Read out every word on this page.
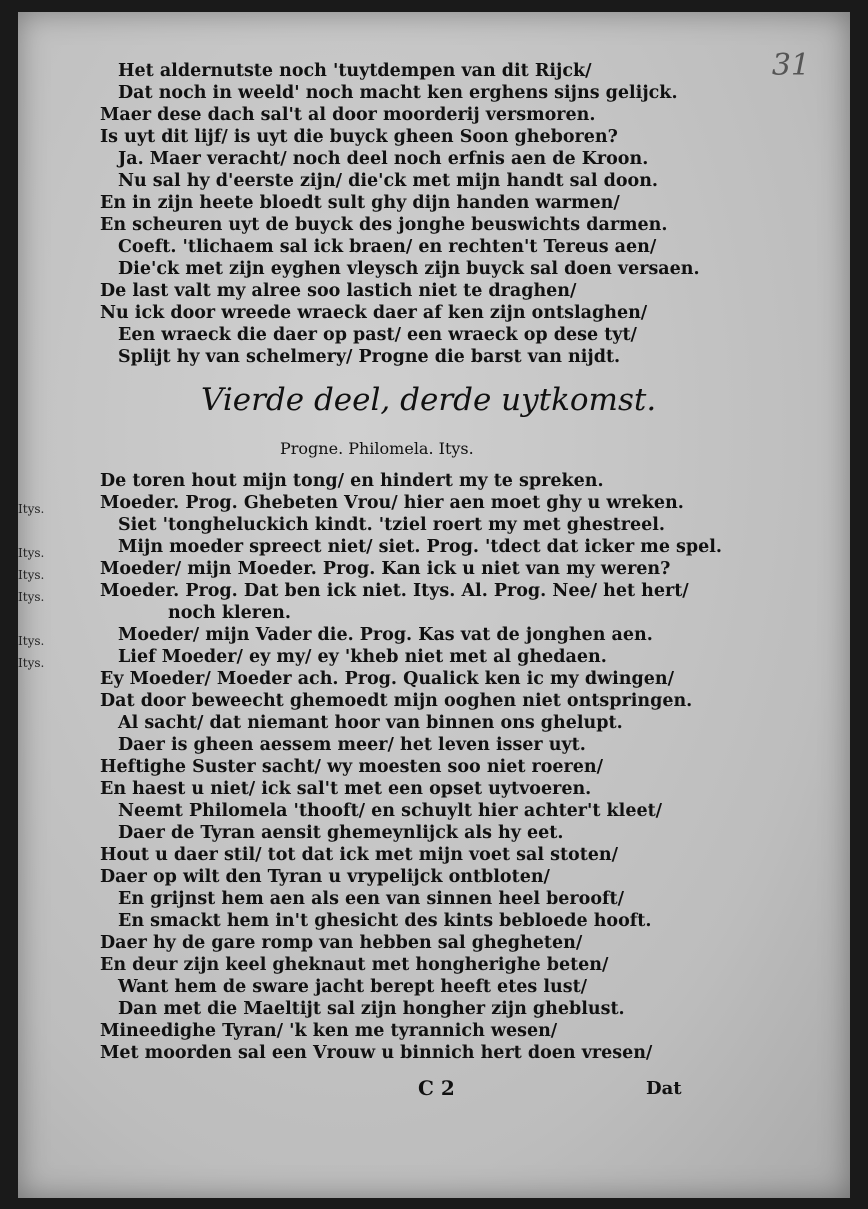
31
Het aldernutste noch 'tuytdempen van dit Rijck/
Dat noch in weeld' noch macht ken erghens sijns gelijck.
Maer dese dach sal't al door moorderij versmoren.
Is uyt dit lijf/ is uyt die buyck gheen Soon gheboren?
Ja. Maer veracht/ noch deel noch erfnis aen de Kroon.
Nu sal hy d'eerste zijn/ die'ck met mijn handt sal doon.
En in zijn heete bloedt sult ghy dijn handen warmen/
En scheuren uyt de buyck des jonghe beuswichts darmen.
Coeft. 'tlichaem sal ick braen/ en rechten't Tereus aen/
Die'ck met zijn eyghen vleysch zijn buyck sal doen versaen.
De last valt my alree soo lastich niet te draghen/
Nu ick door wreede wraeck daer af ken zijn ontslaghen/
Een wraeck die daer op past/ een wraeck op dese tyt/
Splijt hy van schelmery/ Progne die barst van nijdt.
Vierde deel, derde uytkomst.
Progne. Philomela. Itys.
Itys.
Itys.
Itys.
Itys.
Itys.
Itys.
De toren hout mijn tong/ en hindert my te spreken.
Moeder. Prog. Ghebeten Vrou/ hier aen moet ghy u wreken.
Siet 'tongheluckich kindt. 'tziel roert my met ghestreel.
Mijn moeder spreect niet/ siet. Prog. 'tdect dat icker me spel.
Moeder/ mijn Moeder. Prog. Kan ick u niet van my weren?
Moeder. Prog. Dat ben ick niet. Itys. Al. Prog. Nee/ het hert/
noch kleren.
Moeder/ mijn Vader die. Prog. Kas vat de jonghen aen.
Lief Moeder/ ey my/ ey 'kheb niet met al ghedaen.
Ey Moeder/ Moeder ach. Prog. Qualick ken ic my dwingen/
Dat door beweecht ghemoedt mijn ooghen niet ontspringen.
Al sacht/ dat niemant hoor van binnen ons ghelupt.
Daer is gheen aessem meer/ het leven isser uyt.
Heftighe Suster sacht/ wy moesten soo niet roeren/
En haest u niet/ ick sal't met een opset uytvoeren.
Neemt Philomela 'thooft/ en schuylt hier achter't kleet/
Daer de Tyran aensit ghemeynlijck als hy eet.
Hout u daer stil/ tot dat ick met mijn voet sal stoten/
Daer op wilt den Tyran u vrypelijck ontbloten/
En grijnst hem aen als een van sinnen heel berooft/
En smackt hem in't ghesicht des kints bebloede hooft.
Daer hy de gare romp van hebben sal ghegheten/
En deur zijn keel gheknaut met hongherighe beten/
Want hem de sware jacht berept heeft etes lust/
Dan met die Maeltijt sal zijn hongher zijn gheblust.
Mineedighe Tyran/ 'k ken me tyrannich wesen/
Met moorden sal een Vrouw u binnich hert doen vresen/
C 2	Dat
